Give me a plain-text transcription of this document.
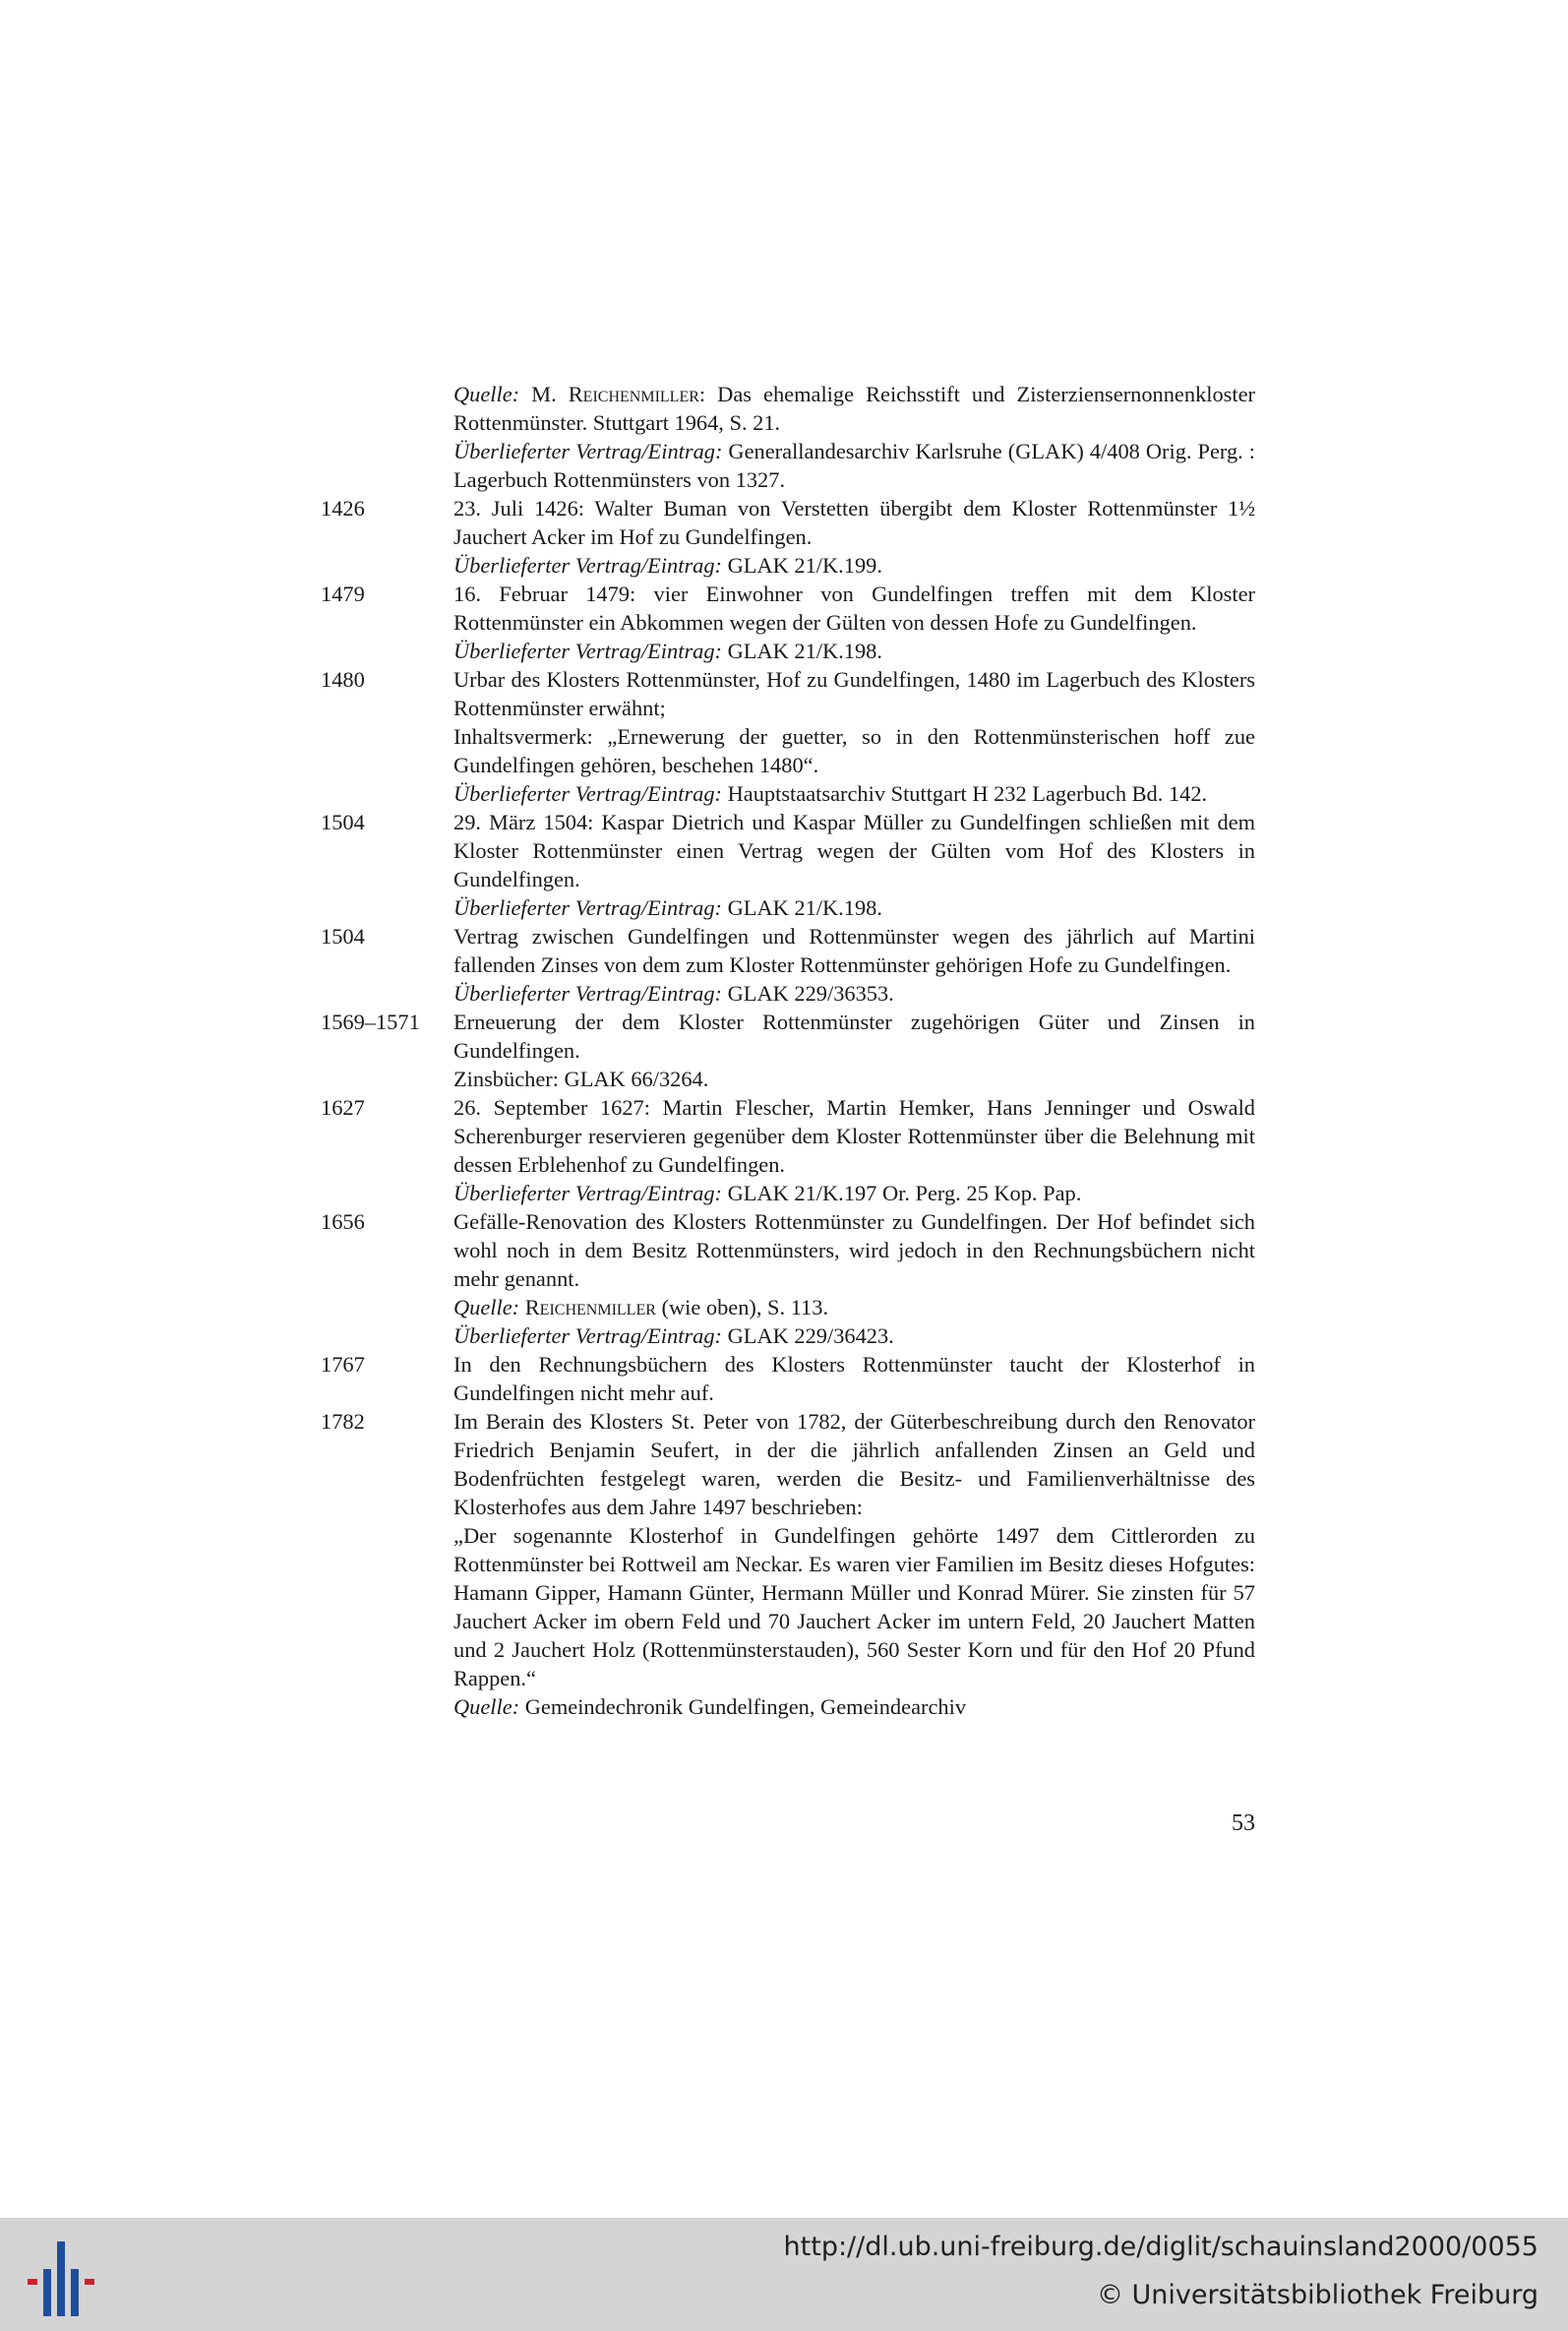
Quelle: M. Reichenmiller: Das ehemalige Reichsstift und Zisterziensernonnenkloster Rottenmünster. Stuttgart 1964, S. 21.

Überlieferter Vertrag/Eintrag: Generallandesarchiv Karlsruhe (GLAK) 4/408 Orig. Perg. : Lagerbuch Rottenmünsters von 1327.

1426	23. Juli 1426: Walter Buman von Verstetten übergibt dem Kloster Rottenmünster 1½ Jauchert Acker im Hof zu Gundelfingen.

Überlieferter Vertrag/Eintrag: GLAK 21/K.199.

1479	16. Februar 1479: vier Einwohner von Gundelfingen treffen mit dem Kloster Rottenmünster ein Abkommen wegen der Gülten von dessen Hofe zu Gundelfingen.

Überlieferter Vertrag/Eintrag: GLAK 21/K.198.

1480	Urbar des Klosters Rottenmünster, Hof zu Gundelfingen, 1480 im Lagerbuch des Klosters Rottenmünster erwähnt;

Inhaltsvermerk: „Ernewerung der guetter, so in den Rottenmünsterischen hoff zue Gundelfingen gehören, beschehen 1480“.

Überlieferter Vertrag/Eintrag: Hauptstaatsarchiv Stuttgart H 232 Lagerbuch Bd. 142.

1504	29. März 1504: Kaspar Dietrich und Kaspar Müller zu Gundelfingen schließen mit dem Kloster Rottenmünster einen Vertrag wegen der Gülten vom Hof des Klosters in Gundelfingen.

Überlieferter Vertrag/Eintrag: GLAK 21/K.198.

1504	Vertrag zwischen Gundelfingen und Rottenmünster wegen des jährlich auf Martini fallenden Zinses von dem zum Kloster Rottenmünster gehörigen Hofe zu Gundelfingen.

Überlieferter Vertrag/Eintrag: GLAK 229/36353.

1569–1571	Erneuerung der dem Kloster Rottenmünster zugehörigen Güter und Zinsen in Gundelfingen.

Zinsbücher: GLAK 66/3264.

1627	26. September 1627: Martin Flescher, Martin Hemker, Hans Jenninger und Oswald Scherenburger reservieren gegenüber dem Kloster Rottenmünster über die Belehnung mit dessen Erblehenhof zu Gundelfingen.

Überlieferter Vertrag/Eintrag: GLAK 21/K.197 Or. Perg. 25 Kop. Pap.

1656	Gefälle-Renovation des Klosters Rottenmünster zu Gundelfingen. Der Hof befindet sich wohl noch in dem Besitz Rottenmünsters, wird jedoch in den Rechnungsbüchern nicht mehr genannt.

Quelle: Reichenmiller (wie oben), S. 113.

Überlieferter Vertrag/Eintrag: GLAK 229/36423.

1767	In den Rechnungsbüchern des Klosters Rottenmünster taucht der Klosterhof in Gundelfingen nicht mehr auf.

1782	Im Berain des Klosters St. Peter von 1782, der Güterbeschreibung durch den Renovator Friedrich Benjamin Seufert, in der die jährlich anfallenden Zinsen an Geld und Bodenfrüchten festgelegt waren, werden die Besitz- und Familienverhältnisse des Klosterhofes aus dem Jahre 1497 beschrieben:

„Der sogenannte Klosterhof in Gundelfingen gehörte 1497 dem Cittlerorden zu Rottenmünster bei Rottweil am Neckar. Es waren vier Familien im Besitz dieses Hofgutes: Hamann Gipper, Hamann Günter, Hermann Müller und Konrad Mürer. Sie zinsten für 57 Jauchert Acker im obern Feld und 70 Jauchert Acker im untern Feld, 20 Jauchert Matten und 2 Jauchert Holz (Rottenmünsterstauden), 560 Sester Korn und für den Hof 20 Pfund Rappen.“

Quelle: Gemeindechronik Gundelfingen, Gemeindearchiv

53
http://dl.ub.uni-freiburg.de/diglit/schauinsland2000/0055
© Universitätsbibliothek Freiburg
